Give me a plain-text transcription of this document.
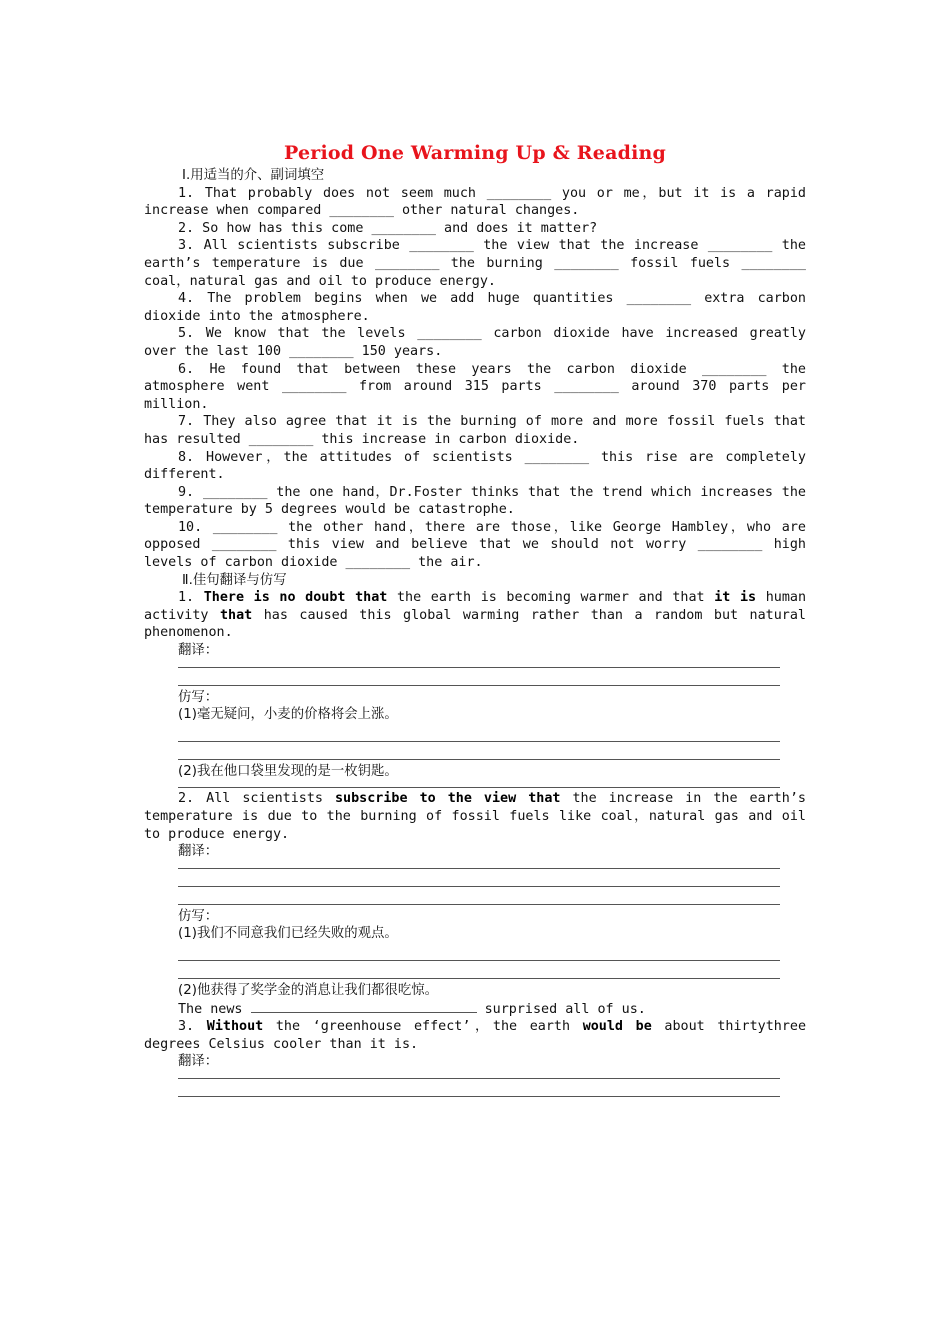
Period One Warming Up & Reading
Ⅰ.用适当的介、副词填空

1. That probably does not seem much ________ you or me，but it is a rapid increase when compared ________ other natural changes.

2. So how has this come ________ and does it matter?

3. All scientists subscribe ________ the view that the increase ________ the earth’s temperature is due ________ the burning ________ fossil fuels ________ coal，natural gas and oil to produce energy.

4. The problem begins when we add huge quantities ________ extra carbon dioxide into the atmosphere.

5. We know that the levels ________ carbon dioxide have increased greatly over the last 100 ________ 150 years.

6. He found that between these years the carbon dioxide ________ the atmosphere went ________ from around 315 parts ________ around 370 parts per million.

7. They also agree that it is the burning of more and more fossil fuels that has resulted ________ this increase in carbon dioxide.

8. However，the attitudes of scientists ________ this rise are completely different.

9. ________ the one hand，Dr.Foster thinks that the trend which increases the temperature by 5 degrees would be catastrophe.

10. ________ the other hand，there are those，like George Hambley，who are opposed ________ this view and believe that we should not worry ________ high levels of carbon dioxide ________ the air.

Ⅱ.佳句翻译与仿写

1. There is no doubt that the earth is becoming warmer and that it is human activity that has caused this global warming rather than a random but natural phenomenon.

翻译：
仿写：
(1)毫无疑问，小麦的价格将会上涨。
(2)我在他口袋里发现的是一枚钥匙。

2. All scientists subscribe to the view that the increase in the earth’s temperature is due to the burning of fossil fuels like coal，natural gas and oil to produce energy.

翻译：
仿写：
(1)我们不同意我们已经失败的观点。
(2)他获得了奖学金的消息让我们都很吃惊。
The news	surprised all of us.

3. Without the ‘greenhouse effect’，the earth would be about thirtythree degrees Celsius cooler than it is.

翻译：
